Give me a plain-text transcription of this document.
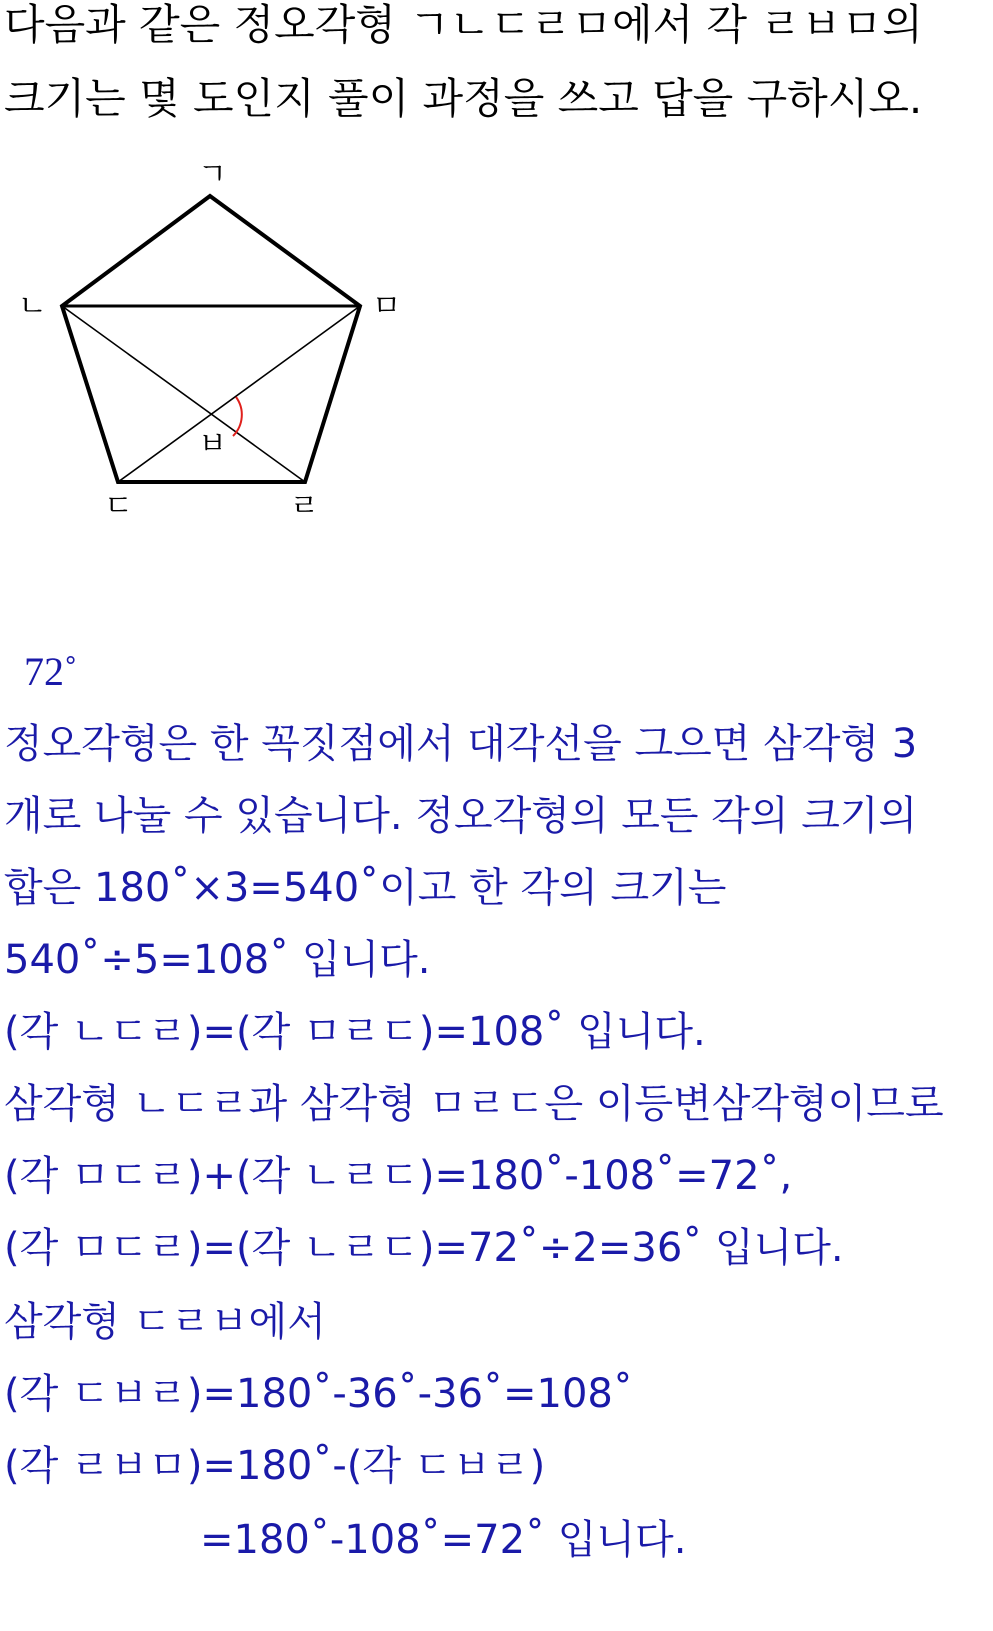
다음과 같은 정오각형 ㄱㄴㄷㄹㅁ에서 각 ㄹㅂㅁ의
크기는 몇 도인지 풀이 과정을 쓰고 답을 구하시오.
ㄱ
ㄴ	ㅁ
ㄷ	ㄹ
ㅂ
72˚
정오각형은 한 꼭짓점에서 대각선을 그으면 삼각형 3
개로 나눌 수 있습니다. 정오각형의 모든 각의 크기의
합은 180˚×3=540˚이고 한 각의 크기는
540˚÷5=108˚ 입니다.
(각 ㄴㄷㄹ)=(각 ㅁㄹㄷ)=108˚ 입니다.
삼각형 ㄴㄷㄹ과 삼각형 ㅁㄹㄷ은 이등변삼각형이므로
(각 ㅁㄷㄹ)+(각 ㄴㄹㄷ)=180˚-108˚=72˚,
(각 ㅁㄷㄹ)=(각 ㄴㄹㄷ)=72˚÷2=36˚ 입니다.
삼각형 ㄷㄹㅂ에서
(각 ㄷㅂㄹ)=180˚-36˚-36˚=108˚
(각 ㄹㅂㅁ)=180˚-(각 ㄷㅂㄹ)
=180˚-108˚=72˚ 입니다.
